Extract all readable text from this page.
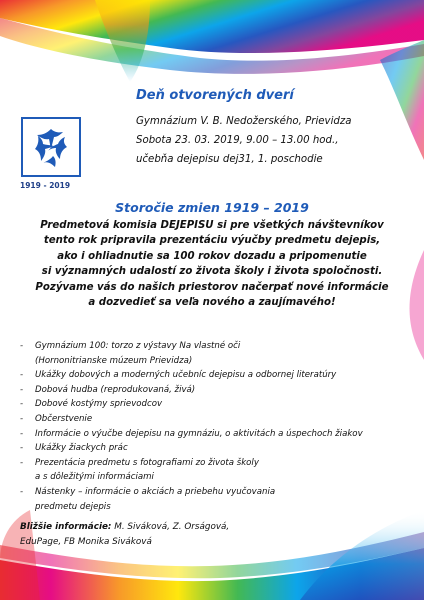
Deň otvorených dverí
1919 - 2019
Gymnázium V. B. Nedožerského, Prievidza
Sobota 23. 03. 2019, 9.00 – 13.00 hod.,
učebňa dejepisu dej31, 1. poschodie
Storočie zmien 1919 – 2019
Predmetová komisia DEJEPISU si pre všetkých návštevníkov
tento rok pripravila prezentáciu výučby predmetu dejepis,
ako i ohliadnutie sa 100 rokov dozadu a pripomenutie
si významných udalostí zo života školy i života spoločnosti.
Pozývame vás do našich priestorov načerpať nové informácie
a dozvedieť sa veľa nového a zaujímavého!
- Gymnázium 100: torzo z výstavy Na vlastné oči
(Hornonitrianske múzeum Prievidza)
- Ukážky dobových a moderných učebníc dejepisu a odbornej literatúry
- Dobová hudba (reprodukovaná, živá)
- Dobové kostýmy sprievodcov
- Občerstvenie
- Informácie o výučbe dejepisu na gymnáziu, o aktivitách a úspechoch žiakov
- Ukážky žiackych prác
- Prezentácia predmetu s fotografiami zo života školy
a s dôležitými informáciami
- Nástenky – informácie o akciách a priebehu vyučovania
predmetu dejepis
Bližšie informácie: M. Siváková, Z. Orságová,
EduPage, FB Monika Siváková
